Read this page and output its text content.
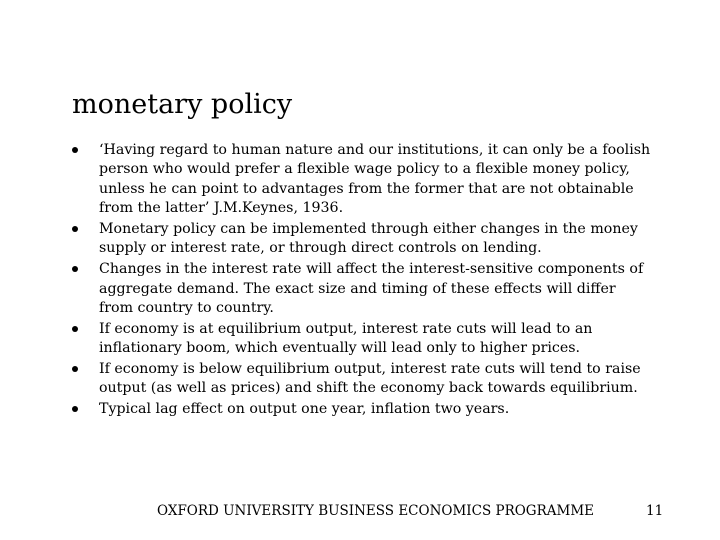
monetary policy
‘Having regard to human nature and our institutions, it can only be a foolish person who would prefer a flexible wage policy to a flexible money policy, unless he can point to advantages from the former that are not obtainable from the latter’ J.M.Keynes, 1936.
Monetary policy can be implemented through either changes in the money supply or interest rate, or through direct controls on lending.
Changes in the interest rate will affect the interest-sensitive components of aggregate demand. The exact size and timing of these effects will differ from country to country.
If economy is at equilibrium output, interest rate cuts will lead to an inflationary boom, which eventually will lead only to higher prices.
If economy is below equilibrium output, interest rate cuts will tend to raise output (as well as prices) and shift the economy back towards equilibrium.
Typical lag effect on output one year, inflation two years.
OXFORD UNIVERSITY BUSINESS ECONOMICS PROGRAMME	11
